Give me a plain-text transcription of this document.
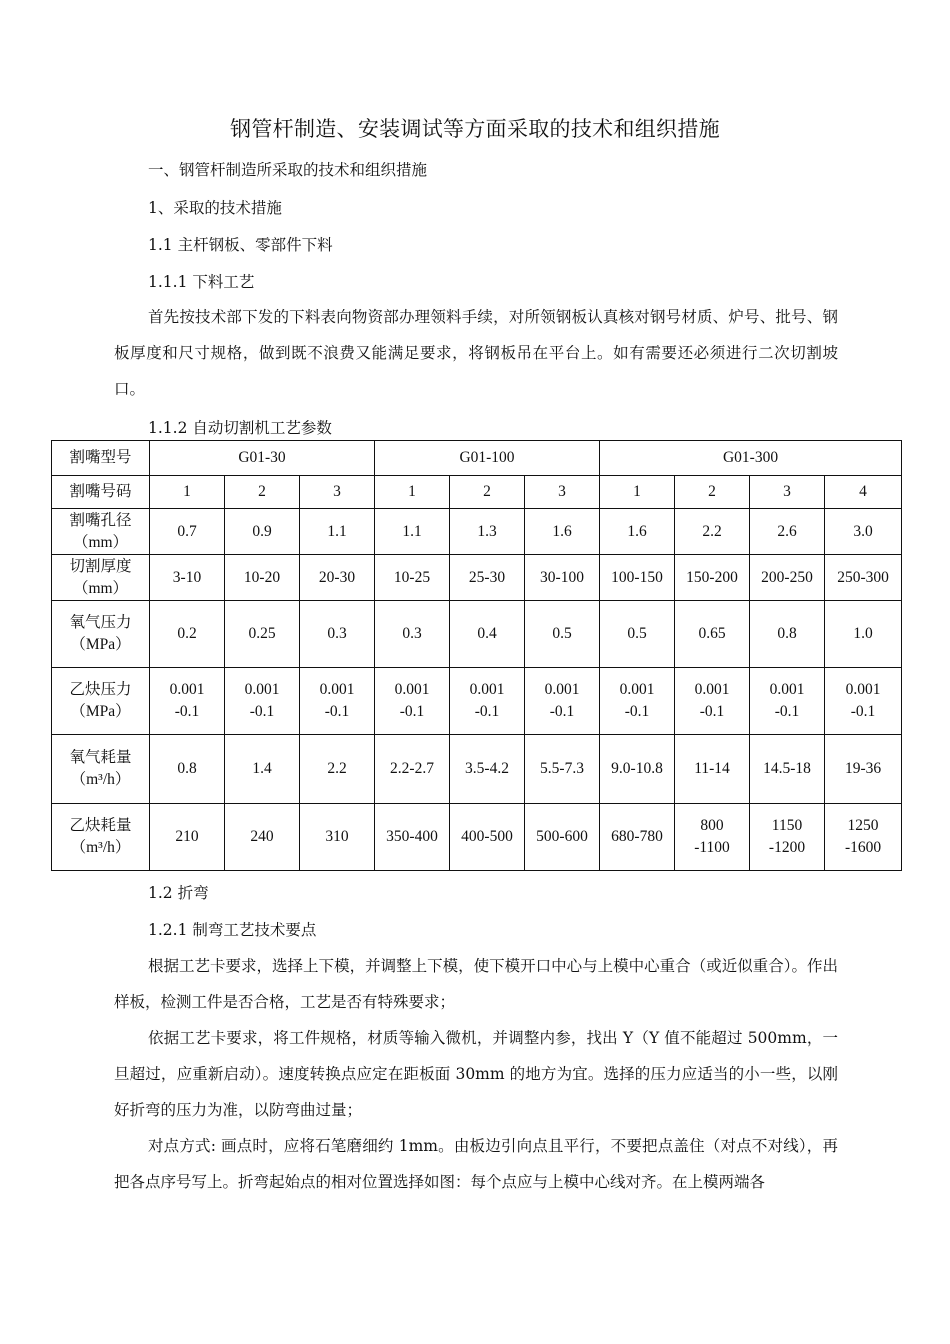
钢管杆制造、安装调试等方面采取的技术和组织措施
一、钢管杆制造所采取的技术和组织措施
1、采取的技术措施
1.1 主杆钢板、零部件下料
1.1.1 下料工艺

首先按技术部下发的下料表向物资部办理领料手续，对所领钢板认真核对钢号材质、炉号、批号、钢板厚度和尺寸规格，做到既不浪费又能满足要求，将钢板吊在平台上。如有需要还必须进行二次切割坡口。

1.1.2 自动切割机工艺参数
割嘴型号	G01-30			G01-100			G01-300			
割嘴号码	1	2	3	1	2	3	1	2	3	4

割嘴孔径
（mm）	0.7	0.9	1.1	1.1	1.3	1.6	1.6	2.2	2.6	3.0

切割厚度
（mm）	3-10	10-20	20-30	10-25	25-30	30-100	100-150	150-200	200-250	250-300

氧气压力
（MPa）	0.2	0.25	0.3	0.3	0.4	0.5	0.5	0.65	0.8	1.0

乙炔压力
（MPa）	0.001
-0.1	0.001
-0.1	0.001
-0.1	0.001
-0.1	0.001
-0.1	0.001
-0.1	0.001
-0.1	0.001
-0.1	0.001
-0.1	0.001
-0.1

氧气耗量
（m³/h）	0.8	1.4	2.2	2.2-2.7	3.5-4.2	5.5-7.3	9.0-10.8	11-14	14.5-18	19-36

乙炔耗量
（m³/h）	210	240	310	350-400	400-500	500-600	680-780	800
-1100	1150
-1200	1250
-1600
1.2 折弯
1.2.1 制弯工艺技术要点

根据工艺卡要求，选择上下模，并调整上下模，使下模开口中心与上模中心重合（或近似重合）。作出样板，检测工件是否合格，工艺是否有特殊要求；

依据工艺卡要求，将工件规格，材质等输入微机，并调整内参，找出 Y（Y 值不能超过 500mm，一旦超过，应重新启动）。速度转换点应定在距板面 30mm 的地方为宜。选择的压力应适当的小一些，以刚好折弯的压力为准，以防弯曲过量；

对点方式: 画点时，应将石笔磨细约 1mm。由板边引向点且平行，不要把点盖住（对点不对线），再把各点序号写上。折弯起始点的相对位置选择如图：每个点应与上模中心线对齐。在上模两端各
